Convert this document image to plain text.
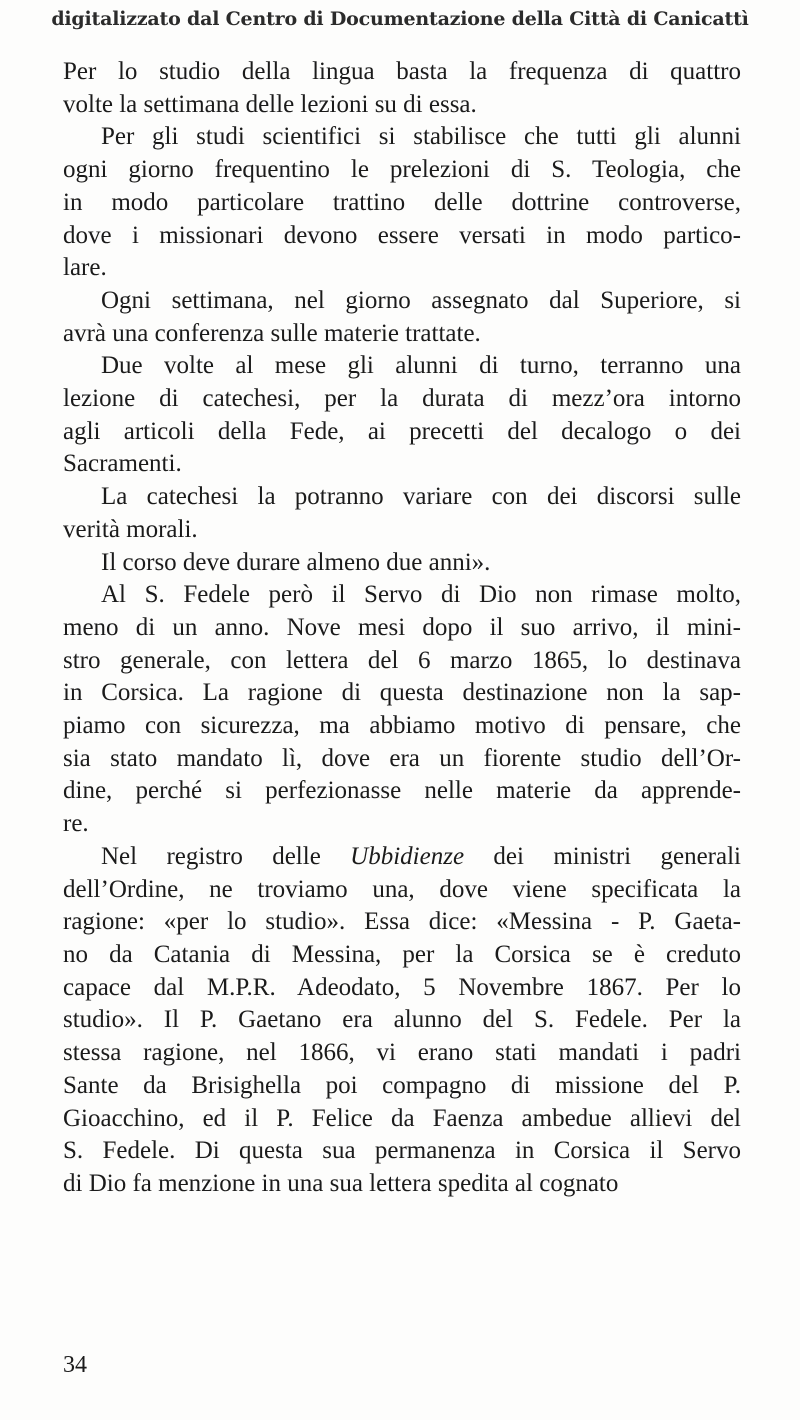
digitalizzato dal Centro di Documentazione della Città di Canicattì
Per lo studio della lingua basta la frequenza di quattro
volte la settimana delle lezioni su di essa.
Per gli studi scientifici si stabilisce che tutti gli alunni
ogni giorno frequentino le prelezioni di S. Teologia, che
in modo particolare trattino delle dottrine controverse,
dove i missionari devono essere versati in modo partico-
lare.
Ogni settimana, nel giorno assegnato dal Superiore, si
avrà una conferenza sulle materie trattate.
Due volte al mese gli alunni di turno, terranno una
lezione di catechesi, per la durata di mezz’ora intorno
agli articoli della Fede, ai precetti del decalogo o dei
Sacramenti.
La catechesi la potranno variare con dei discorsi sulle
verità morali.
Il corso deve durare almeno due anni».
Al S. Fedele però il Servo di Dio non rimase molto,
meno di un anno. Nove mesi dopo il suo arrivo, il mini-
stro generale, con lettera del 6 marzo 1865, lo destinava
in Corsica. La ragione di questa destinazione non la sap-
piamo con sicurezza, ma abbiamo motivo di pensare, che
sia stato mandato lì, dove era un fiorente studio dell’Or-
dine, perché si perfezionasse nelle materie da apprende-
re.
Nel registro delle Ubbidienze dei ministri generali
dell’Ordine, ne troviamo una, dove viene specificata la
ragione: «per lo studio». Essa dice: «Messina - P. Gaeta-
no da Catania di Messina, per la Corsica se è creduto
capace dal M.P.R. Adeodato, 5 Novembre 1867. Per lo
studio». Il P. Gaetano era alunno del S. Fedele. Per la
stessa ragione, nel 1866, vi erano stati mandati i padri
Sante da Brisighella poi compagno di missione del P.
Gioacchino, ed il P. Felice da Faenza ambedue allievi del
S. Fedele. Di questa sua permanenza in Corsica il Servo
di Dio fa menzione in una sua lettera spedita al cognato
34
